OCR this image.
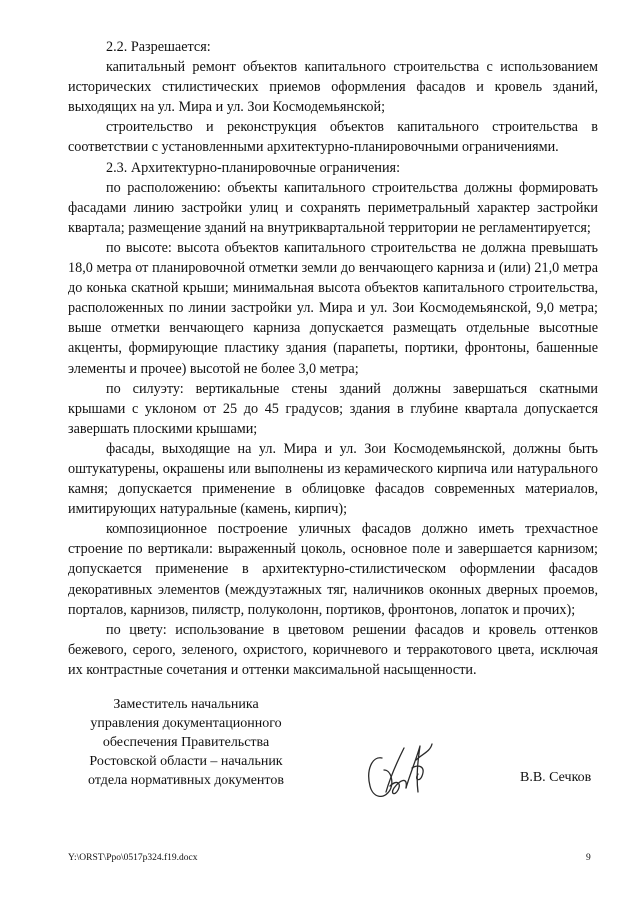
2.2. Разрешается:

капитальный ремонт объектов капитального строительства с использованием исторических стилистических приемов оформления фасадов и кровель зданий, выходящих на ул. Мира и ул. Зои Космодемьянской;

строительство и реконструкция объектов капитального строительства в соответствии с установленными архитектурно-планировочными ограничениями.

2.3. Архитектурно-планировочные ограничения:

по расположению: объекты капитального строительства должны формировать фасадами линию застройки улиц и сохранять периметральный характер застройки квартала; размещение зданий на внутриквартальной территории не регламентируется;

по высоте: высота объектов капитального строительства не должна превышать 18,0 метра от планировочной отметки земли до венчающего карниза и (или) 21,0 метра до конька скатной крыши; минимальная высота объектов капитального строительства, расположенных по линии застройки ул. Мира и ул. Зои Космодемьянской, 9,0 метра; выше отметки венчающего карниза допускается размещать отдельные высотные акценты, формирующие пластику здания (парапеты, портики, фронтоны, башенные элементы и прочее) высотой не более 3,0 метра;

по силуэту: вертикальные стены зданий должны завершаться скатными крышами с уклоном от 25 до 45 градусов; здания в глубине квартала допускается завершать плоскими крышами;

фасады, выходящие на ул. Мира и ул. Зои Космодемьянской, должны быть оштукатурены, окрашены или выполнены из керамического кирпича или натурального камня; допускается применение в облицовке фасадов современных материалов, имитирующих натуральные (камень, кирпич);

композиционное построение уличных фасадов должно иметь трехчастное строение по вертикали: выраженный цоколь, основное поле и завершается карнизом; допускается применение в архитектурно-стилистическом оформлении фасадов декоративных элементов (междуэтажных тяг, наличников оконных дверных проемов, порталов, карнизов, пилястр, полуколонн, портиков, фронтонов, лопаток и прочих);

по цвету: использование в цветовом решении фасадов и кровель оттенков бежевого, серого, зеленого, охристого, коричневого и терракотового цвета, исключая их контрастные сочетания и оттенки максимальной насыщенности.

Заместитель начальника
управления документационного
обеспечения Правительства
Ростовской области – начальник
отдела нормативных документов	В.В. Сечков
Y:\ORST\Ppo\0517p324.f19.docx	9
